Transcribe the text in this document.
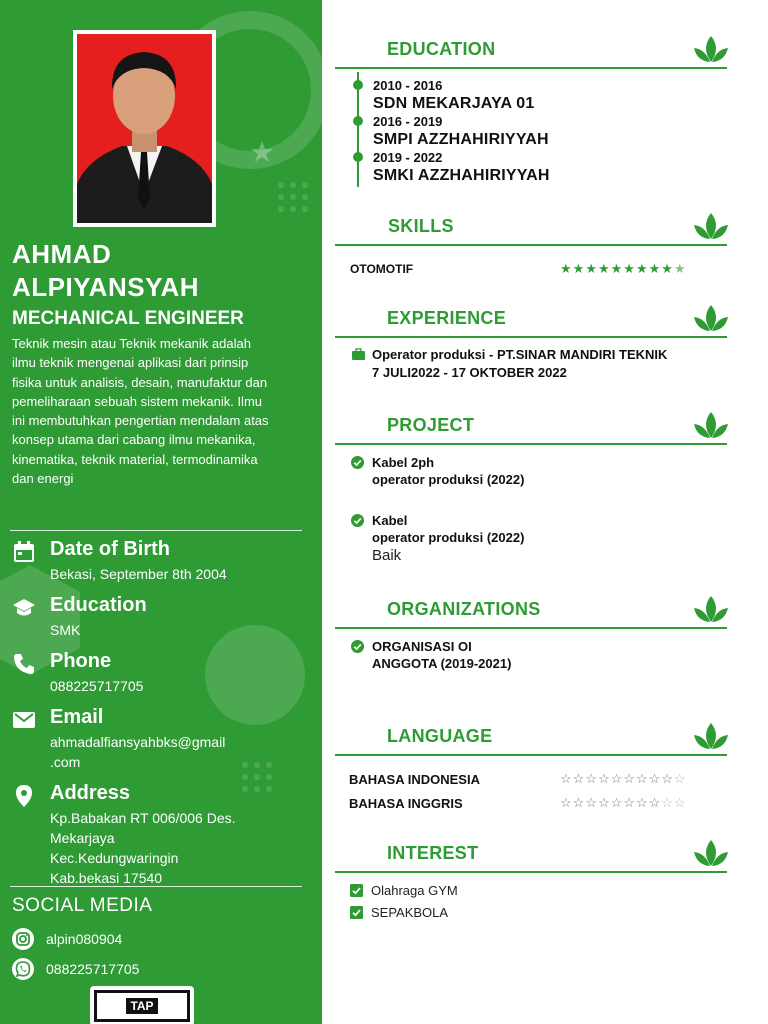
AHMAD
ALPIYANSYAH
MECHANICAL ENGINEER
Teknik mesin atau Teknik mekanik adalah ilmu teknik mengenai aplikasi dari prinsip fisika untuk analisis, desain, manufaktur dan pemeliharaan sebuah sistem mekanik. Ilmu ini membutuhkan pengertian mendalam atas konsep utama dari cabang ilmu mekanika, kinematika, teknik material, termodinamika dan energi
Date of Birth
Bekasi, September 8th 2004
Education
SMK
Phone
088225717705
Email
ahmadalfiansyahbks@gmail
.com
Address
Kp.Babakan RT 006/006 Des.
Mekarjaya
Kec.Kedungwaringin
Kab.bekasi 17540
SOCIAL MEDIA
alpin080904
088225717705
TAP
EDUCATION
2010 - 2016
SDN MEKARJAYA 01
2016 - 2019
SMPI AZZHAHIRIYYAH
2019 - 2022
SMKI AZZHAHIRIYYAH
SKILLS
OTOMOTIF	★★★★★★★★★★
EXPERIENCE
Operator produksi - PT.SINAR MANDIRI TEKNIK
7 JULI2022 - 17 OKTOBER 2022
PROJECT
Kabel 2ph
operator produksi (2022)
Kabel
operator produksi (2022)
Baik
ORGANIZATIONS
ORGANISASI OI
ANGGOTA (2019-2021)
LANGUAGE
BAHASA INDONESIA	☆☆☆☆☆☆☆☆☆☆
BAHASA INGGRIS	☆☆☆☆☆☆☆☆☆☆
INTEREST
Olahraga GYM
SEPAKBOLA
